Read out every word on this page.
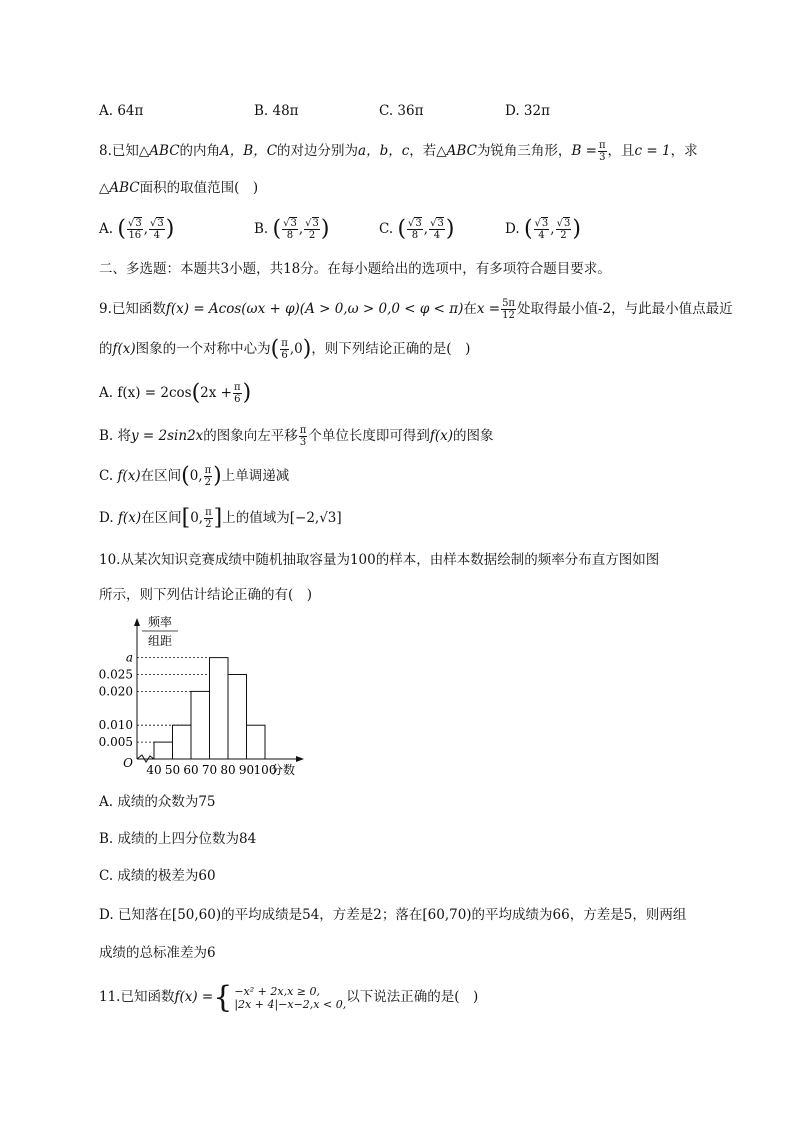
A. 64π	B. 48π	C. 36π	D. 32π
8.已知△ABC的内角A，B，C的对边分别为a，b，c，若△ABC为锐角三角形，$B = \frac{\pi}{3}$ ，且c = 1，求
△ABC面积的取值范围(　)
A. ( $\frac{√3}{16}$ , $\frac{√3}{4}$ )	B. ( $\frac{√3}{8}$ , $\frac{√3}{2}$ )	C. ( $\frac{√3}{8}$ , $\frac{√3}{4}$ )	D. ( $\frac{√3}{4}$ , $\frac{√3}{2}$ )
二、多选题：本题共3小题，共18分。在每小题给出的选项中，有多项符合题目要求。
9.已知函数f(x) = Acos(ωx + φ)(A > 0,ω > 0,0 < φ < π)在$x = \frac{5\pi}{12}$ 处取得最小值-2，与此最小值点最近
的f(x)图象的一个对称中心为( $\frac{\pi}{6} ,0$)，则下列结论正确的是(　)
A. $f(x) = 2\cos(2x + \frac{\pi}{6}$ )
B. 将y = 2sin2x的图象向左平移 $\frac{\pi}{3}$ 个单位长度即可得到f(x)的图象
C. f(x)在区间(0, $\frac{\pi}{2}$ )上单调递减
D. f(x)在区间[0, $\frac{\pi}{2}$ ]上的值域为[−2,√3]
10.从某次知识竞赛成绩中随机抽取容量为100的样本，由样本数据绘制的频率分布直方图如图
所示，则下列估计结论正确的有(　)
a
0.025
0.020
0.010
0.005
40 50 60 70 80 90 100
分数
O
频率
组距
A. 成绩的众数为75
B. 成绩的上四分位数为84
C. 成绩的极差为60
D. 已知落在[50,60)的平均成绩是54，方差是2；落在[60,70)的平均成绩为66，方差是5，则两组
成绩的总标准差为6
11.已知函数f(x) = { −x² + 2x,x ≥ 0,
|2x + 4|−x−2,x < 0, 以下说法正确的是(　)
